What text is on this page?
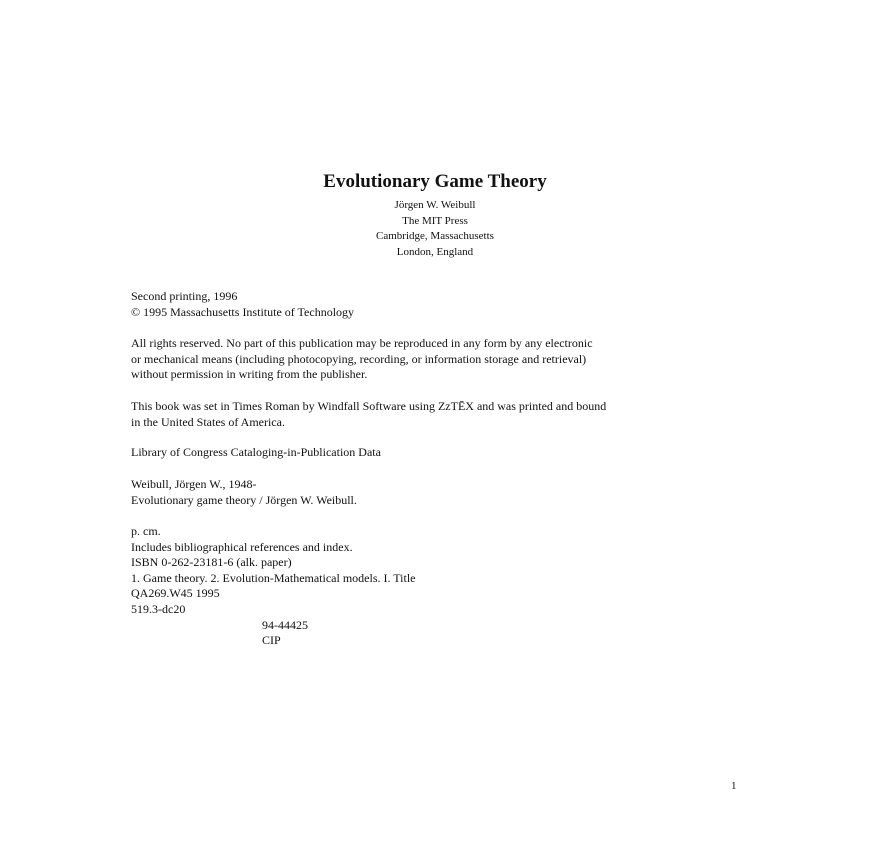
Evolutionary Game Theory
Jörgen W. Weibull
The MIT Press
Cambridge, Massachusetts
London, England

Second printing, 1996

© 1995 Massachusetts Institute of Technology

All rights reserved. No part of this publication may be reproduced in any form by any electronic

or mechanical means (including photocopying, recording, or information storage and retrieval)

without permission in writing from the publisher.

This book was set in Times Roman by Windfall Software using ZzTĒX and was printed and bound

in the United States of America.

Library of Congress Cataloging-in-Publication Data

Weibull, Jörgen W., 1948-

Evolutionary game theory / Jörgen W. Weibull.

p. cm.

Includes bibliographical references and index.

ISBN 0-262-23181-6 (alk. paper)

1. Game theory. 2. Evolution-Mathematical models. I. Title

QA269.W45 1995

519.3-dc20

94-44425
CIP
1
